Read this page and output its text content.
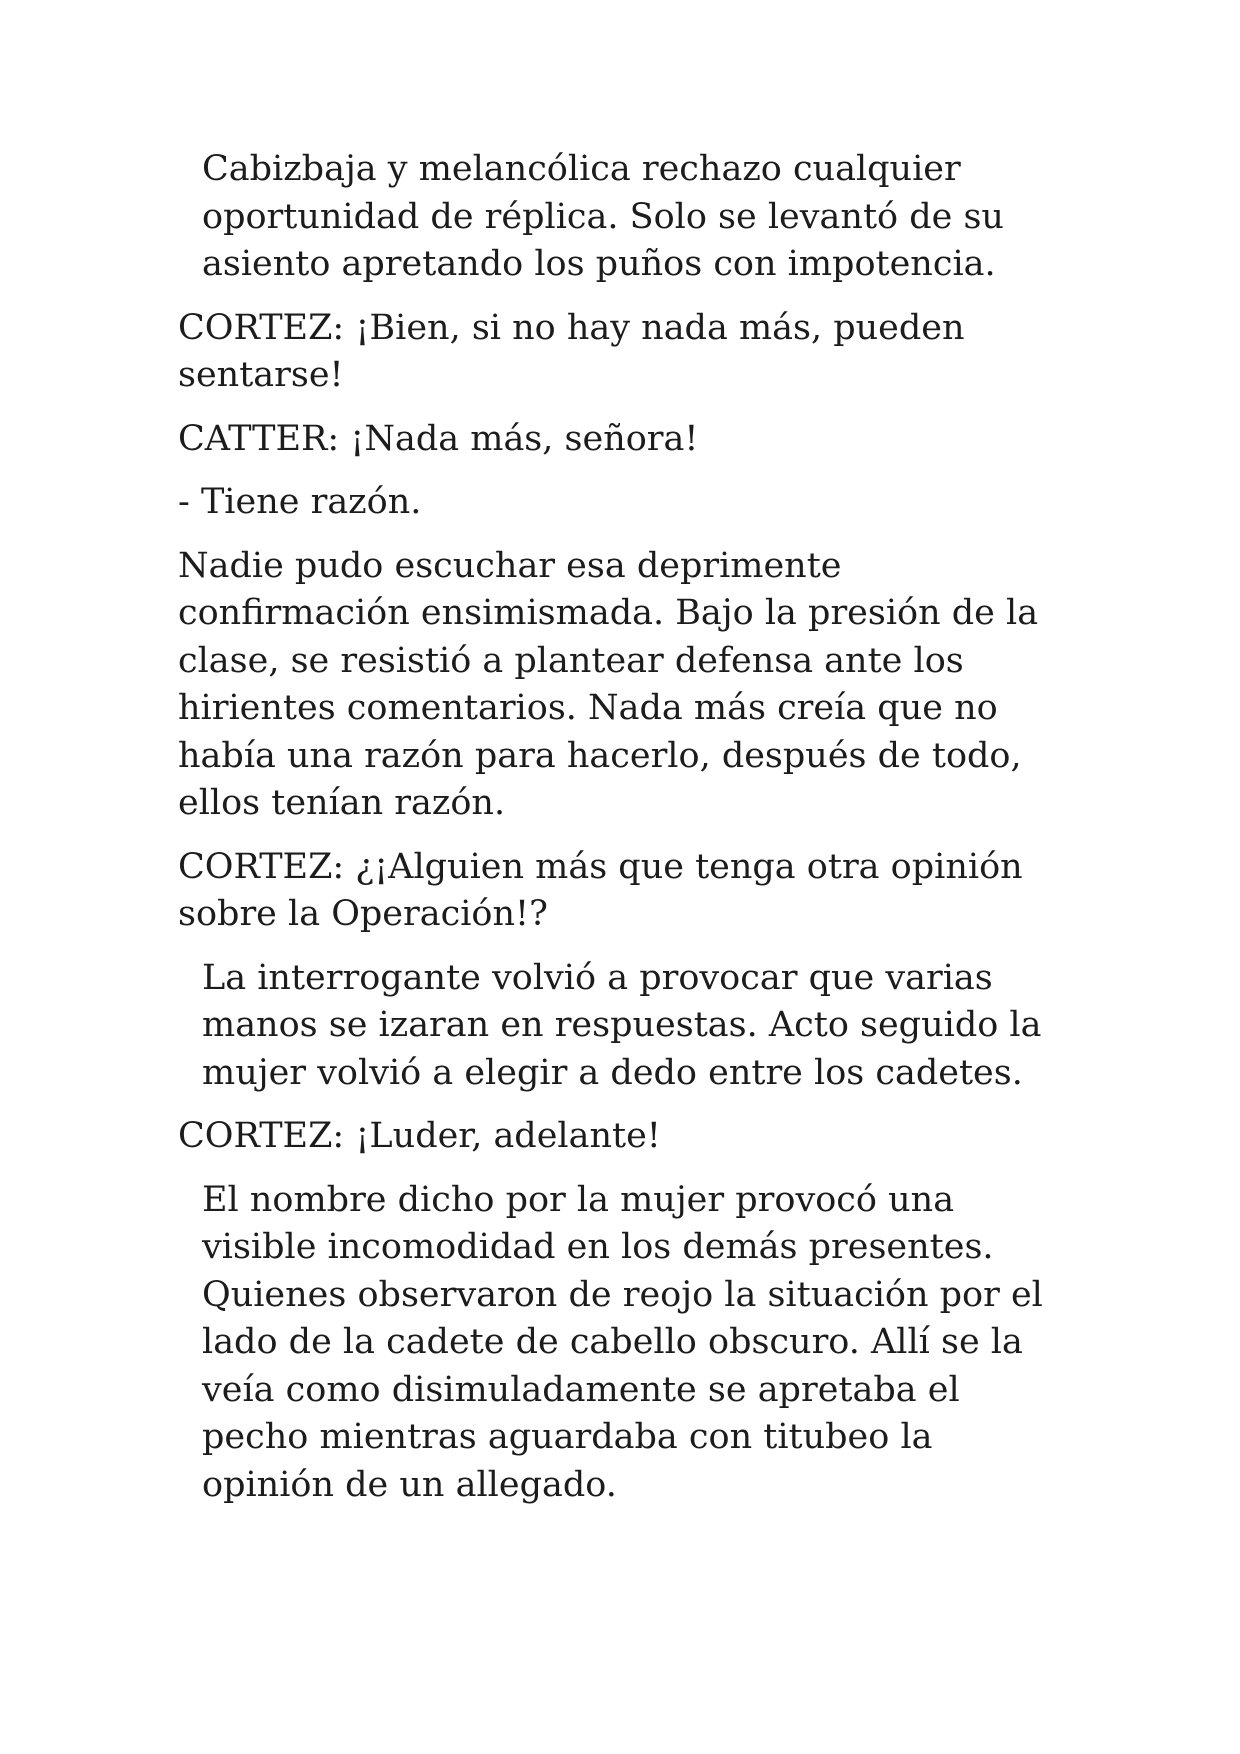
Cabizbaja y melancólica rechazo cualquier
oportunidad de réplica. Solo se levantó de su
asiento apretando los puños con impotencia.

CORTEZ: ¡Bien, si no hay nada más, pueden
sentarse!

CATTER: ¡Nada más, señora!

- Tiene razón.

Nadie pudo escuchar esa deprimente
confirmación ensimismada. Bajo la presión de la
clase, se resistió a plantear defensa ante los
hirientes comentarios. Nada más creía que no
había una razón para hacerlo, después de todo,
ellos tenían razón.

CORTEZ: ¿¡Alguien más que tenga otra opinión
sobre la Operación!?

La interrogante volvió a provocar que varias
manos se izaran en respuestas. Acto seguido la
mujer volvió a elegir a dedo entre los cadetes.

CORTEZ: ¡Luder, adelante!

El nombre dicho por la mujer provocó una
visible incomodidad en los demás presentes.
Quienes observaron de reojo la situación por el
lado de la cadete de cabello obscuro. Allí se la
veía como disimuladamente se apretaba el
pecho mientras aguardaba con titubeo la
opinión de un allegado.
